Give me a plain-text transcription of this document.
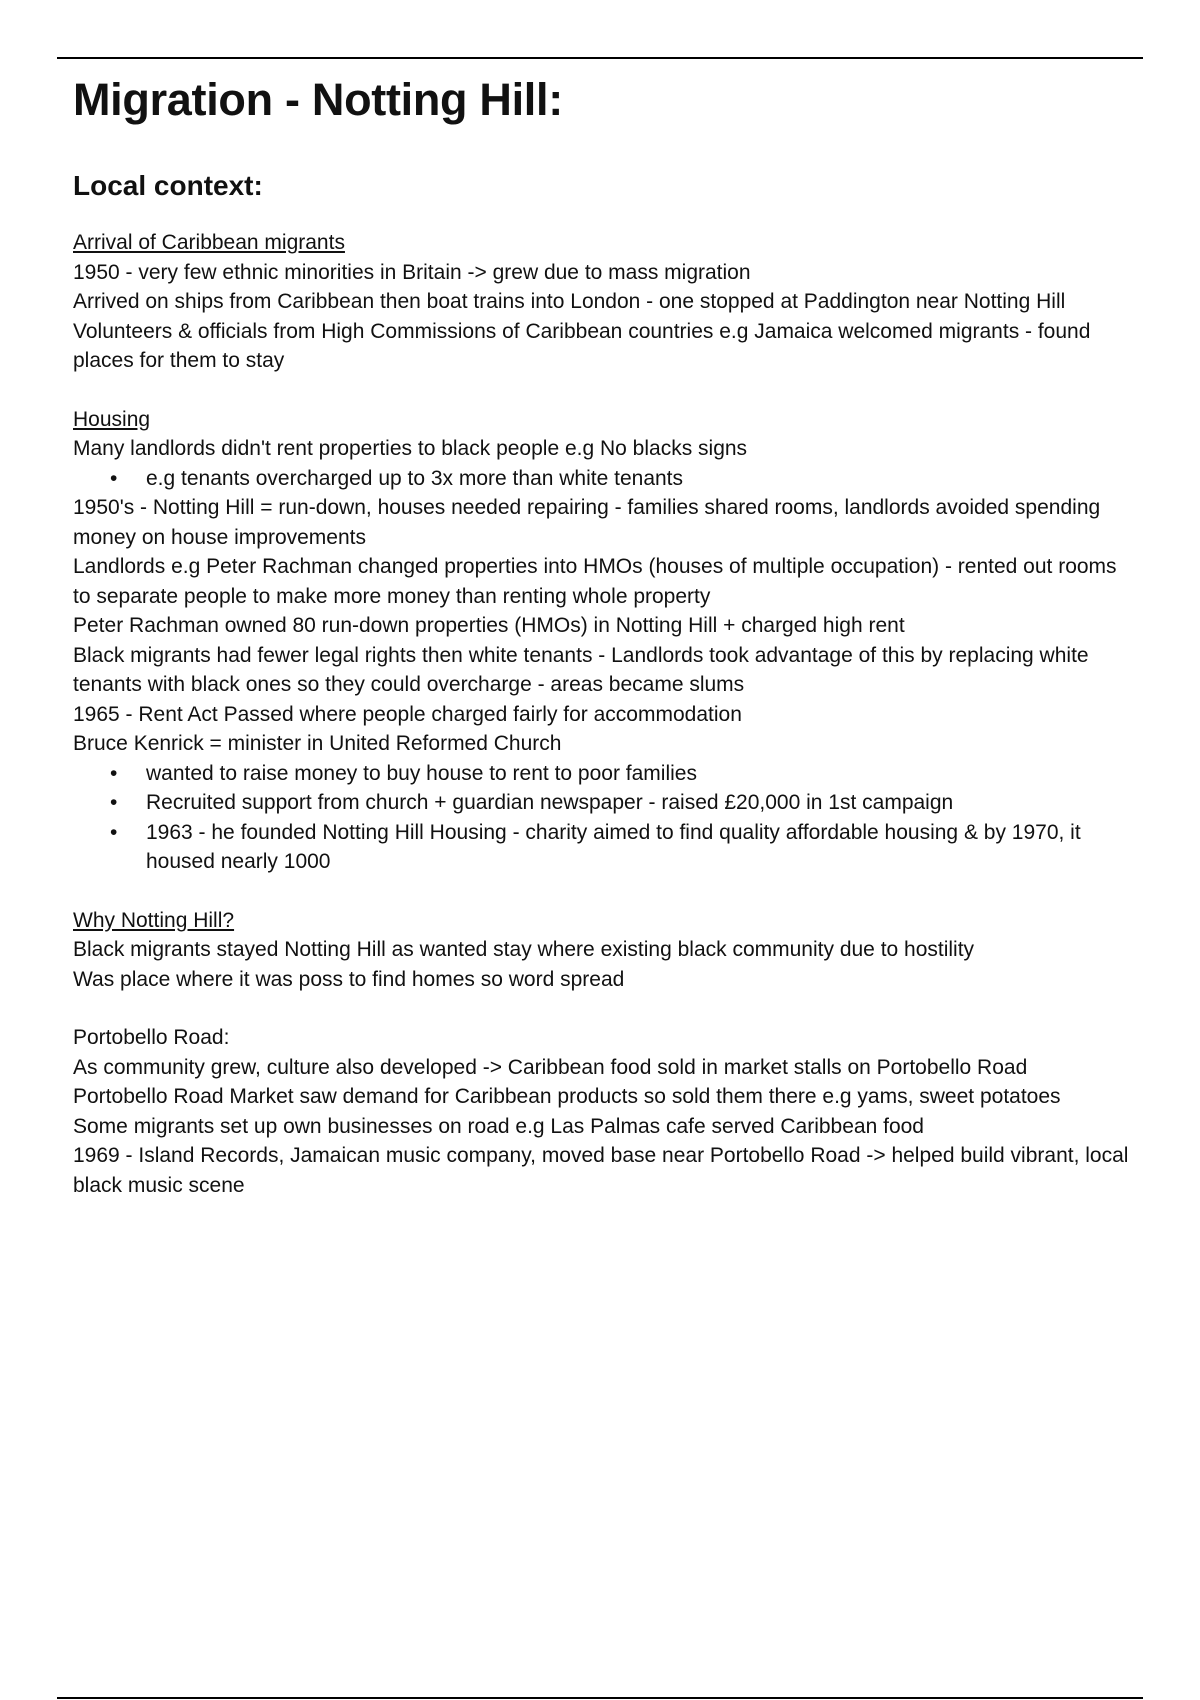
Migration - Notting Hill:
Local context:

Arrival of Caribbean migrants

1950 - very few ethnic minorities in Britain -> grew due to mass migration

Arrived on ships from Caribbean then boat trains into London - one stopped at Paddington near Notting Hill

Volunteers & officials from High Commissions of Caribbean countries e.g Jamaica welcomed migrants - found places for them to stay

Housing

Many landlords didn't rent properties to black people e.g No blacks signs

• e.g tenants overcharged up to 3x more than white tenants

1950's - Notting Hill = run-down, houses needed repairing - families shared rooms, landlords avoided spending money on house improvements

Landlords e.g Peter Rachman changed properties into HMOs (houses of multiple occupation) - rented out rooms to separate people to make more money than renting whole property

Peter Rachman owned 80 run-down properties (HMOs) in Notting Hill + charged high rent

Black migrants had fewer legal rights then white tenants - Landlords took advantage of this by replacing white tenants with black ones so they could overcharge - areas became slums

1965 - Rent Act Passed where people charged fairly for accommodation

Bruce Kenrick = minister in United Reformed Church

• wanted to raise money to buy house to rent to poor families
• Recruited support from church + guardian newspaper - raised £20,000 in 1st campaign
• 1963 - he founded Notting Hill Housing - charity aimed to find quality affordable housing & by 1970, it housed nearly 1000

Why Notting Hill?

Black migrants stayed Notting Hill as wanted stay where existing black community due to hostility

Was place where it was poss to find homes so word spread

Portobello Road:

As community grew, culture also developed -> Caribbean food sold in market stalls on Portobello Road

Portobello Road Market saw demand for Caribbean products so sold them there e.g yams, sweet potatoes

Some migrants set up own businesses on road e.g Las Palmas cafe served Caribbean food

1969 - Island Records, Jamaican music company, moved base near Portobello Road -> helped build vibrant, local black music scene
